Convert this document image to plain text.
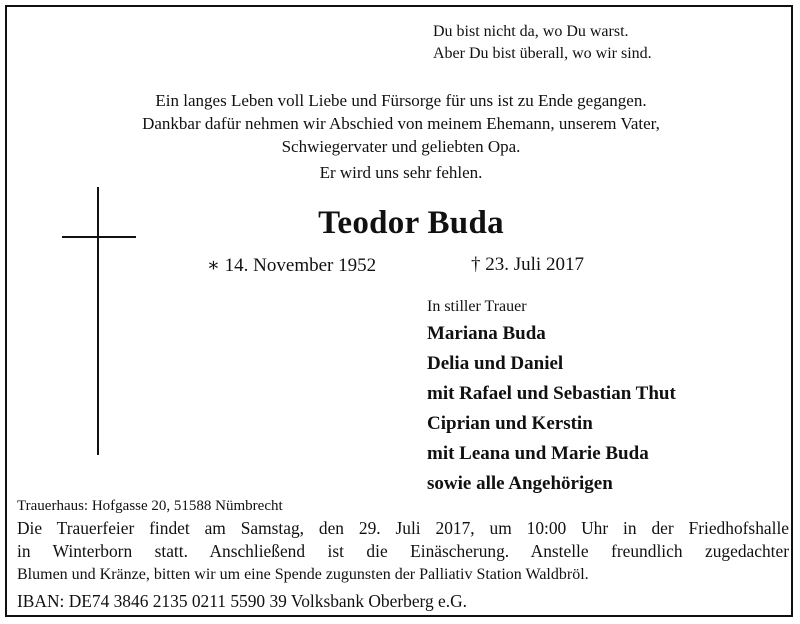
Du bist nicht da, wo Du warst.
Aber Du bist überall, wo wir sind.
Ein langes Leben voll Liebe und Fürsorge für uns ist zu Ende gegangen.
Dankbar dafür nehmen wir Abschied von meinem Ehemann, unserem Vater,
Schwiegervater und geliebten Opa.
Er wird uns sehr fehlen.
Teodor Buda
∗ 14. November 1952	† 23. Juli 2017
In stiller Trauer
Mariana Buda
Delia und Daniel
mit Rafael und Sebastian Thut
Ciprian und Kerstin
mit Leana und Marie Buda
sowie alle Angehörigen
Trauerhaus: Hofgasse 20, 51588 Nümbrecht
Die Trauerfeier findet am Samstag, den 29. Juli 2017, um 10:00 Uhr in der Friedhofshalle
in Winterborn statt. Anschließend ist die Einäscherung. Anstelle freundlich zugedachter
Blumen und Kränze, bitten wir um eine Spende zugunsten der Palliativ Station Waldbröl.
IBAN: DE74 3846 2135 0211 5590 39 Volksbank Oberberg e.G.
